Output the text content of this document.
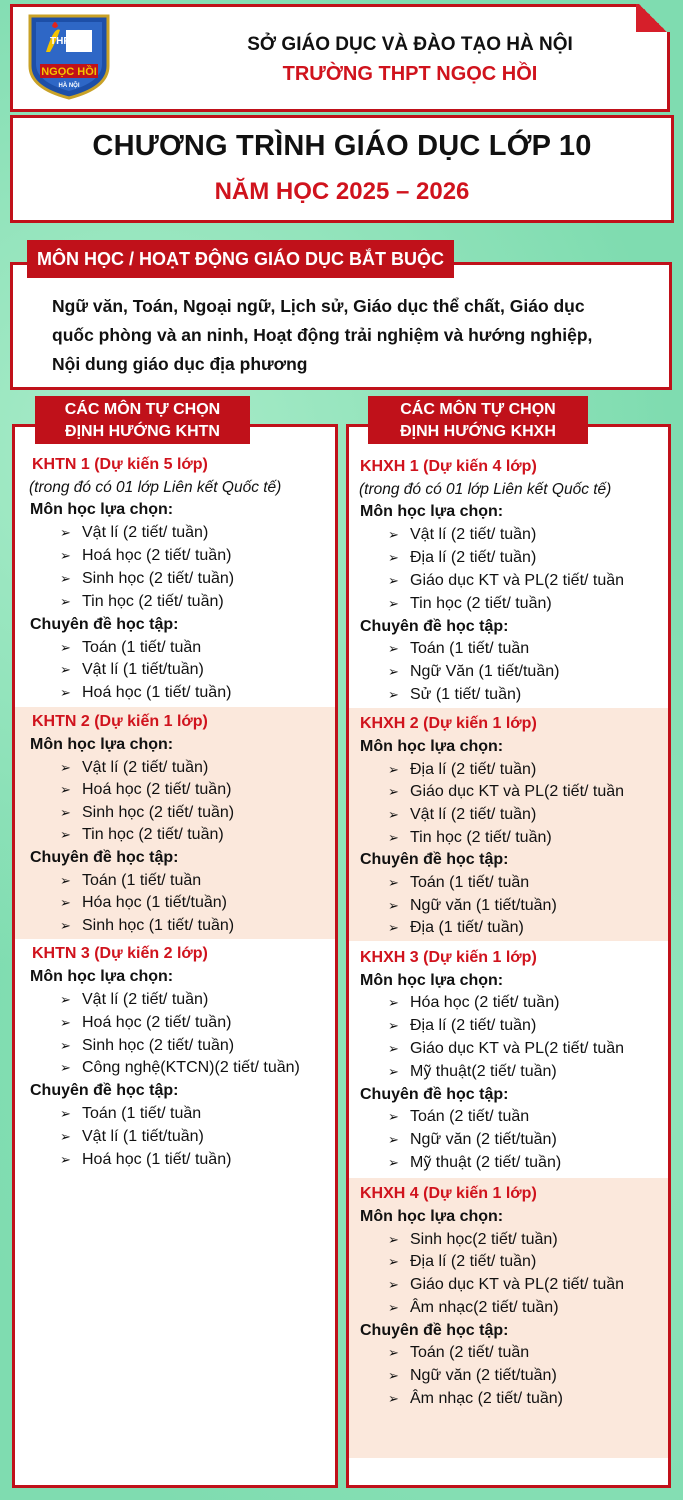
THPT
NGỌC HỒI
HÀ NỘI
SỞ GIÁO DỤC VÀ ĐÀO TẠO HÀ NỘI
TRƯỜNG THPT NGỌC HỒI
CHƯƠNG TRÌNH GIÁO DỤC LỚP 10
NĂM HỌC 2025 – 2026
MÔN HỌC / HOẠT ĐỘNG GIÁO DỤC BẮT BUỘC
Ngữ văn, Toán, Ngoại ngữ, Lịch sử, Giáo dục thể chất, Giáo dục
quốc phòng và an ninh, Hoạt động trải nghiệm và hướng nghiệp,
Nội dung giáo dục địa phương
CÁC MÔN TỰ CHỌN
ĐỊNH HƯỚNG KHTN
CÁC MÔN TỰ CHỌN
ĐỊNH HƯỚNG KHXH
KHTN 1 (Dự kiến 5 lớp)
(trong đó có 01 lớp Liên kết Quốc tế)
Môn học lựa chọn:
➢ Vật lí (2 tiết/ tuần)
➢ Hoá học (2 tiết/ tuần)
➢ Sinh học (2 tiết/ tuần)
➢ Tin học (2 tiết/ tuần)
Chuyên đề học tập:
➢ Toán (1 tiết/ tuần
➢ Vật lí (1 tiết/tuần)
➢ Hoá học (1 tiết/ tuần)
KHTN 2 (Dự kiến 1 lớp)
Môn học lựa chọn:
➢ Vật lí (2 tiết/ tuần)
➢ Hoá học (2 tiết/ tuần)
➢ Sinh học (2 tiết/ tuần)
➢ Tin học (2 tiết/ tuần)
Chuyên đề học tập:
➢ Toán (1 tiết/ tuần
➢ Hóa học (1 tiết/tuần)
➢ Sinh học (1 tiết/ tuần)
KHTN 3 (Dự kiến 2 lớp)
Môn học lựa chọn:
➢ Vật lí (2 tiết/ tuần)
➢ Hoá học (2 tiết/ tuần)
➢ Sinh học (2 tiết/ tuần)
➢ Công nghệ(KTCN)(2 tiết/ tuần)
Chuyên đề học tập:
➢ Toán (1 tiết/ tuần
➢ Vật lí (1 tiết/tuần)
➢ Hoá học (1 tiết/ tuần)
KHXH 1 (Dự kiến 4 lớp)
(trong đó có 01 lớp Liên kết Quốc tế)
Môn học lựa chọn:
➢ Vật lí (2 tiết/ tuần)
➢ Địa lí (2 tiết/ tuần)
➢ Giáo dục KT và PL(2 tiết/ tuần
➢ Tin học (2 tiết/ tuần)
Chuyên đề học tập:
➢ Toán (1 tiết/ tuần
➢ Ngữ Văn (1 tiết/tuần)
➢ Sử (1 tiết/ tuần)
KHXH 2 (Dự kiến 1 lớp)
Môn học lựa chọn:
➢ Địa lí (2 tiết/ tuần)
➢ Giáo dục KT và PL(2 tiết/ tuần
➢ Vật lí (2 tiết/ tuần)
➢ Tin học (2 tiết/ tuần)
Chuyên đề học tập:
➢ Toán (1 tiết/ tuần
➢ Ngữ văn (1 tiết/tuần)
➢ Địa (1 tiết/ tuần)
KHXH 3 (Dự kiến 1 lớp)
Môn học lựa chọn:
➢ Hóa học (2 tiết/ tuần)
➢ Địa lí (2 tiết/ tuần)
➢ Giáo dục KT và PL(2 tiết/ tuần
➢ Mỹ thuật(2 tiết/ tuần)
Chuyên đề học tập:
➢ Toán (2 tiết/ tuần
➢ Ngữ văn (2 tiết/tuần)
➢ Mỹ thuật (2 tiết/ tuần)
KHXH 4 (Dự kiến 1 lớp)
Môn học lựa chọn:
➢ Sinh học(2 tiết/ tuần)
➢ Địa lí (2 tiết/ tuần)
➢ Giáo dục KT và PL(2 tiết/ tuần
➢ Âm nhạc(2 tiết/ tuần)
Chuyên đề học tập:
➢ Toán (2 tiết/ tuần
➢ Ngữ văn (2 tiết/tuần)
➢ Âm nhạc (2 tiết/ tuần)
